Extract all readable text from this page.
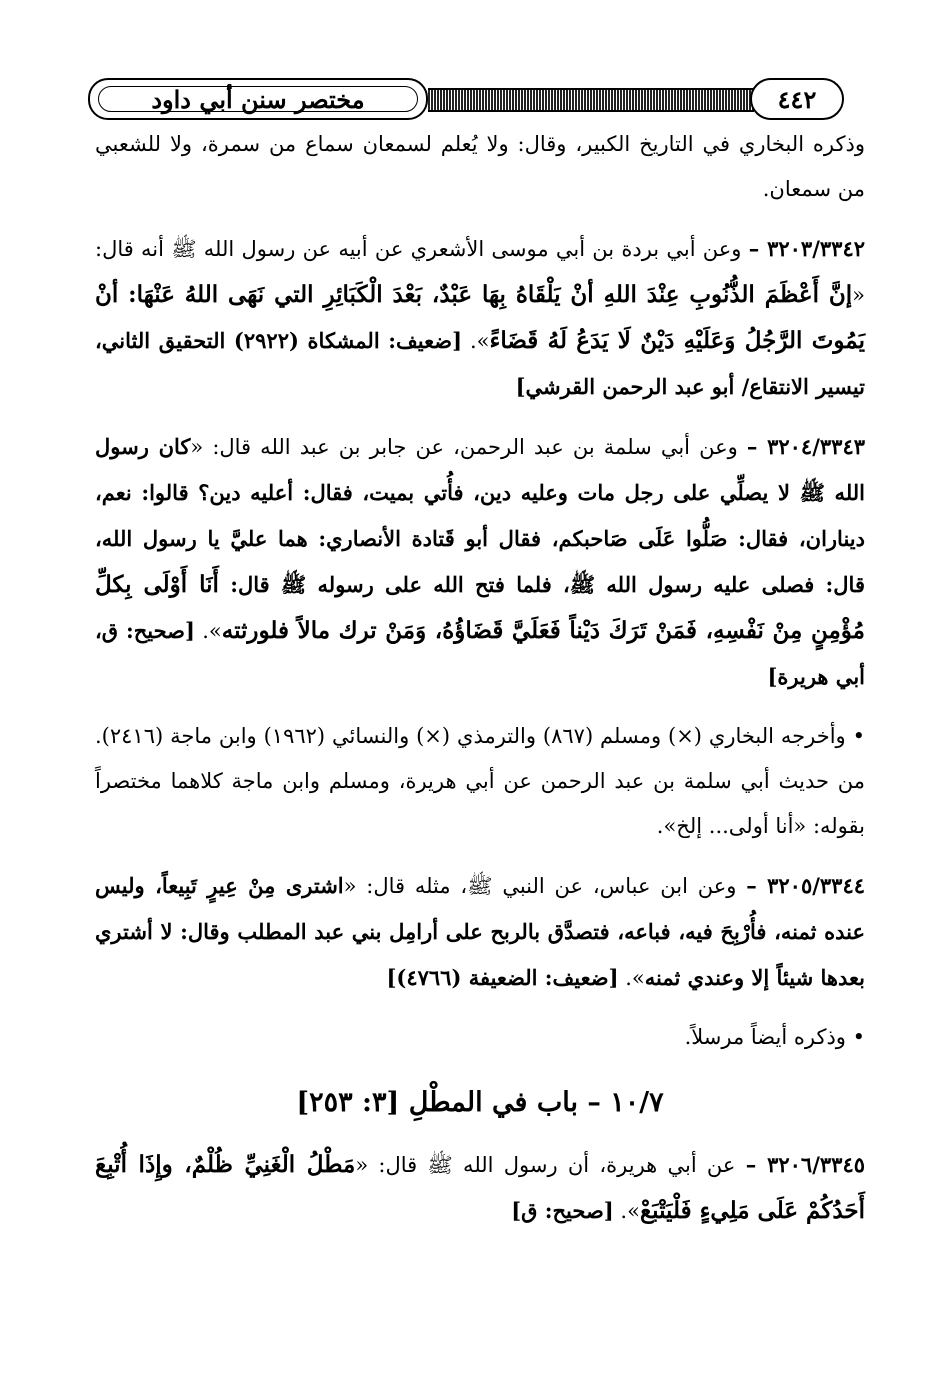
مختصر سنن أبي داود	٤٤٢

وذكره البخاري في التاريخ الكبير، وقال: ولا يُعلم لسمعان سماع من سمرة، ولا للشعبي من سمعان.

٣٢٠٣/٣٣٤٢ – وعن أبي بردة بن أبي موسى الأشعري عن أبيه عن رسول الله ﷺ أنه قال: «إنَّ أَعْظَمَ الذُّنُوبِ عِنْدَ اللهِ أنْ يَلْقَاهُ بِهَا عَبْدٌ، بَعْدَ الْكَبَائِرِ التي نَهَى اللهُ عَنْهَا: أنْ يَمُوتَ الرَّجُلُ وَعَلَيْهِ دَيْنٌ لَا يَدَعُ لَهُ قَضَاءً». [ضعيف: المشكاة (٢٩٢٢) التحقيق الثاني، تيسير الانتقاع/ أبو عبد الرحمن القرشي]

٣٢٠٤/٣٣٤٣ – وعن أبي سلمة بن عبد الرحمن، عن جابر بن عبد الله قال: «كان رسول الله ﷺ لا يصلِّي على رجل مات وعليه دين، فأُتي بميت، فقال: أعليه دين؟ قالوا: نعم، ديناران، فقال: صَلُّوا عَلَى صَاحبكم، فقال أبو قَتادة الأنصاري: هما عليَّ يا رسول الله، قال: فصلى عليه رسول الله ﷺ، فلما فتح الله على رسوله ﷺ قال: أَنَا أَوْلَى بِكلِّ مُؤْمِنٍ مِنْ نَفْسِهِ، فَمَنْ تَرَكَ دَيْناً فَعَلَيَّ قَضَاؤُهُ، وَمَنْ ترك مالاً فلورثته». [صحيح: ق، أبي هريرة]

• وأخرجه البخاري (×) ومسلم (٨٦٧) والترمذي (×) والنسائي (١٩٦٢) وابن ماجة (٢٤١٦). من حديث أبي سلمة بن عبد الرحمن عن أبي هريرة، ومسلم وابن ماجة كلاهما مختصراً بقوله: «أنا أولى... إلخ».

٣٢٠٥/٣٣٤٤ – وعن ابن عباس، عن النبي ﷺ، مثله قال: «اشترى مِنْ عِيرٍ تَبِيعاً، وليس عنده ثمنه، فأُرْبِحَ فيه، فباعه، فتصدَّق بالربح على أرامِل بني عبد المطلب وقال: لا أشتري بعدها شيئاً إلا وعندي ثمنه». [ضعيف: الضعيفة (٤٧٦٦)]

• وذكره أيضاً مرسلاً.

١٠/٧ – باب في المطْلِ [٣: ٢٥٣]

٣٢٠٦/٣٣٤٥ – عن أبي هريرة، أن رسول الله ﷺ قال: «مَطْلُ الْغَنِيِّ ظُلْمٌ، وإِذَا أُتْبِعَ أَحَدُكُمْ عَلَى مَلِيءٍ فَلْيَتْبَعْ». [صحيح: ق]
